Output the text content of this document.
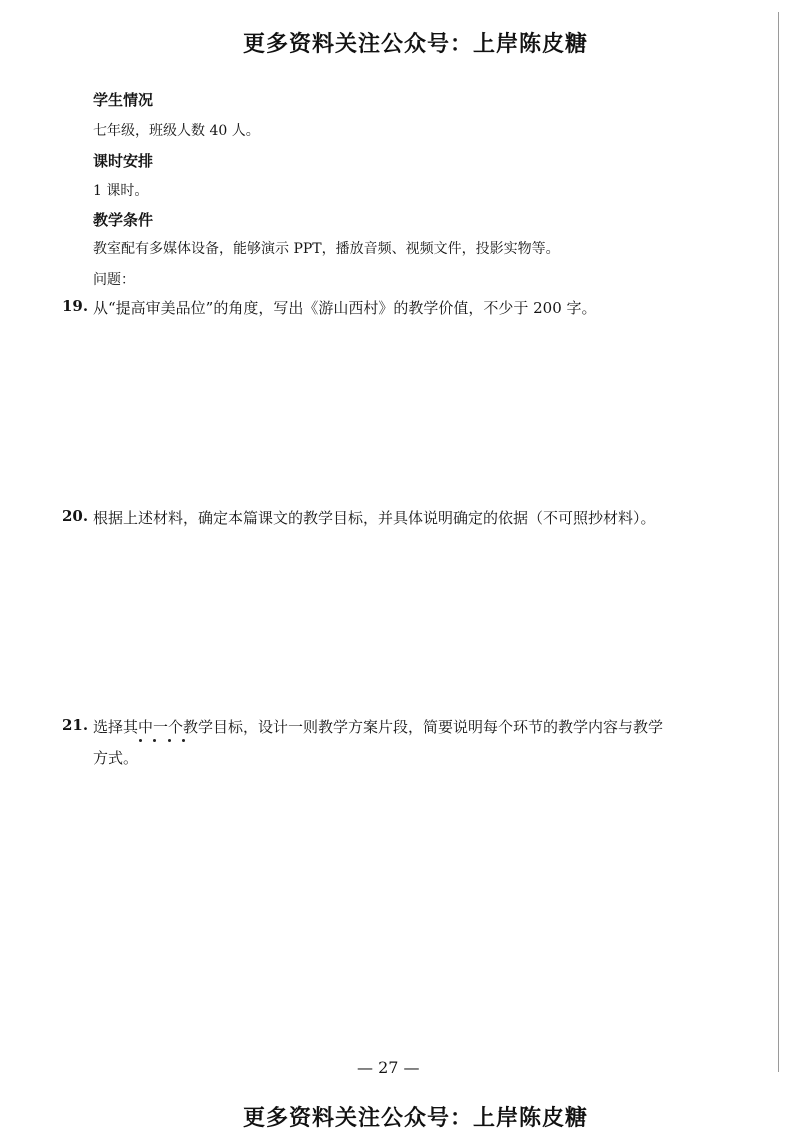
更多资料关注公众号：上岸陈皮糖
学生情况
七年级，班级人数 40 人。
课时安排
1 课时。
教学条件
教室配有多媒体设备，能够演示 PPT，播放音频、视频文件，投影实物等。
问题：
19. 从“提高审美品位”的角度，写出《游山西村》的教学价值，不少于 200 字。
20. 根据上述材料，确定本篇课文的教学目标，并具体说明确定的依据（不可照抄材料）。
21. 选择其中一个教学目标，设计一则教学方案片段，简要说明每个环节的教学内容与教学
方式。
— 27 —
更多资料关注公众号：上岸陈皮糖
